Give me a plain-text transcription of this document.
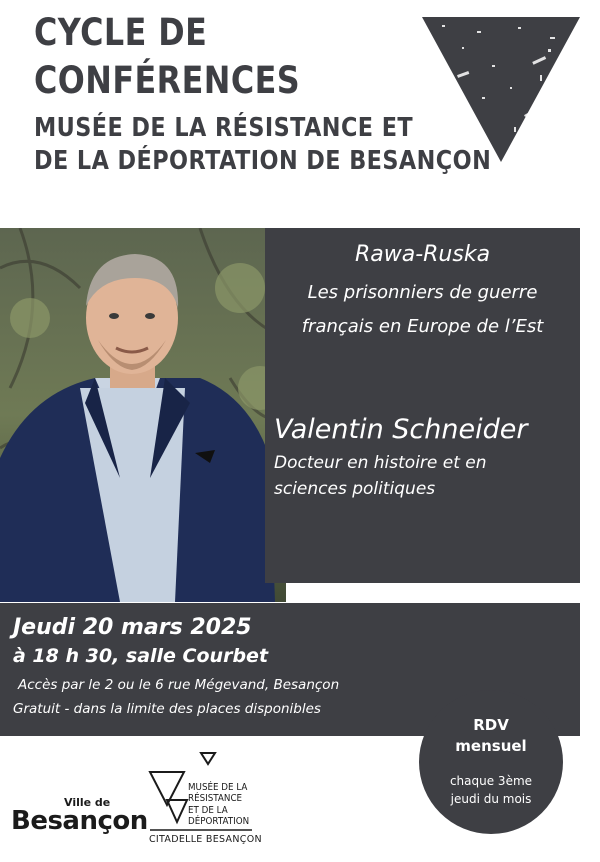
CYCLE DE
CONFÉRENCES
MUSÉE DE LA RÉSISTANCE ET
DE LA DÉPORTATION DE BESANÇON
Rawa-Ruska
Les prisonniers de guerre
français en Europe de l’Est
Valentin Schneider
Docteur en histoire et en
sciences politiques
Jeudi 20 mars 2025
à 18 h 30, salle Courbet
Accès par le 2 ou le 6 rue Mégevand, Besançon
Gratuit - dans la limite des places disponibles
RDV
mensuel
chaque 3ème
jeudi du mois
Ville de
Besançon
MUSÉE DE LA
RÉSISTANCE
ET DE LA
DÉPORTATION
CITADELLE BESANÇON
